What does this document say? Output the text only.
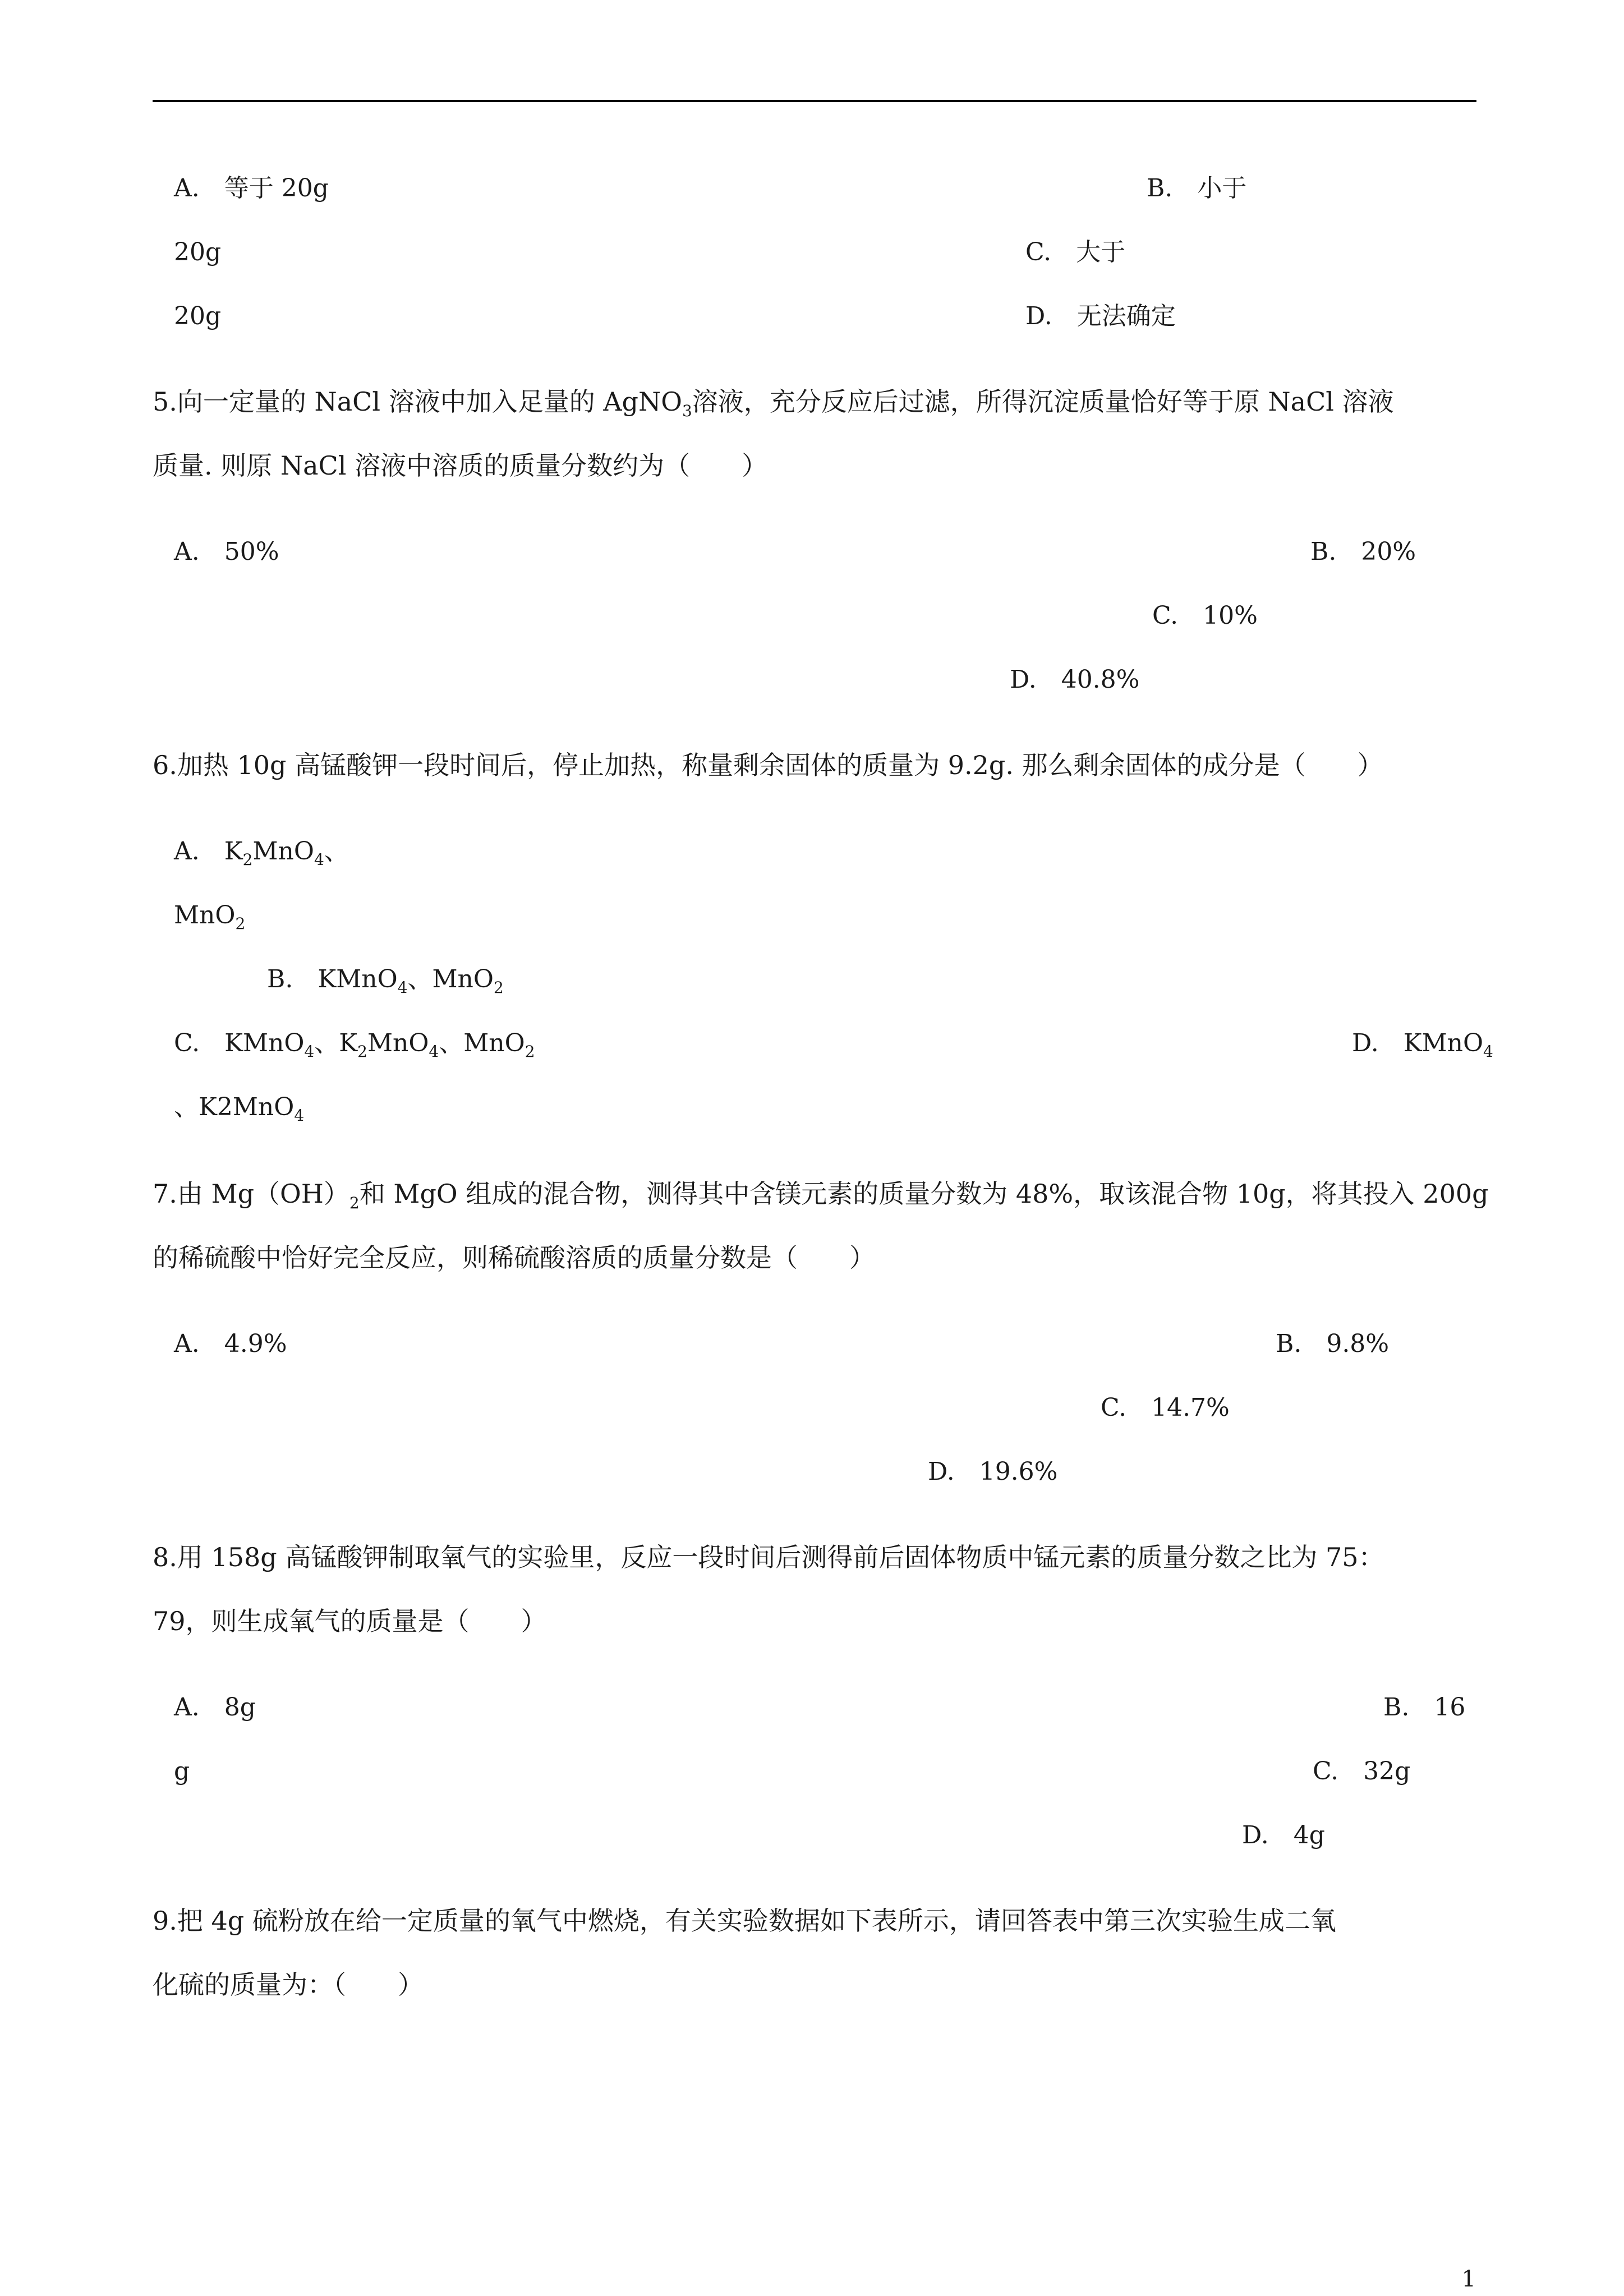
A.　等于 20g	B.　小于
20g	C.　大于
20g	D.　无法确定
5.向一定量的 NaCl 溶液中加入足量的 AgNO$_3$溶液，充分反应后过滤，所得沉淀质量恰好等于原 NaCl 溶液
质量. 则原 NaCl 溶液中溶质的质量分数约为（　　）
A.　50%	B.　20%
C.　10%
D.　40.8%
6.加热 10g 高锰酸钾一段时间后，停止加热，称量剩余固体的质量为 9.2g. 那么剩余固体的成分是（　　）
A.　$K_2MnO_4$、
MnO$_2$
B.　KMnO$_4$、MnO$_2$
C.　KMnO$_4$、$K_2MnO_4$、MnO$_2$	D.　KMnO$_4$
、K2MnO$_4$
7.由 $Mg(OH)_2$和 MgO 组成的混合物，测得其中含镁元素的质量分数为 48%，取该混合物 10g，将其投入 200g
的稀硫酸中恰好完全反应，则稀硫酸溶质的质量分数是（　　）
A.　4.9%	B.　9.8%
C.　14.7%
D.　19.6%
8.用 158g 高锰酸钾制取氧气的实验里，反应一段时间后测得前后固体物质中锰元素的质量分数之比为 75：
79，则生成氧气的质量是（　　）
A.　8g	B.　16
g	C.　32g
D.　4g
9.把 4g 硫粉放在给一定质量的氧气中燃烧，有关实验数据如下表所示，请回答表中第三次实验生成二氧
化硫的质量为：（　　）
1
